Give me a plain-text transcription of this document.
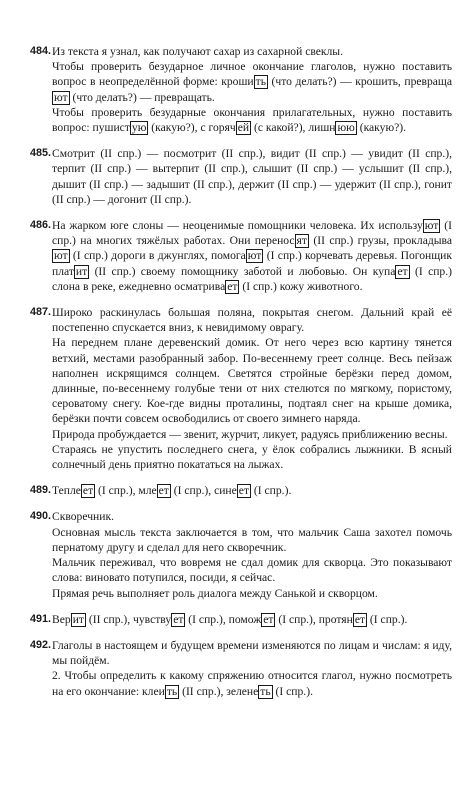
484. Из текста я узнал, как получают сахар из сахарной свеклы.

Чтобы проверить безударное личное окончание глаголов, нужно поставить вопрос в неопределённой форме: кроши ть (что делать?) — крошить, превращают (что делать?) — превращать.

Чтобы проверить безударные окончания прилагательных, нужно поставить вопрос: пушист ую (какую?), с горяч ей (с какой?), лишн юю (какую?).

485. Смотрит (II спр.) — посмотрит (II спр.), видит (II спр.) — увидит (II спр.), терпит (II спр.) — вытерпит (II спр.), слышит (II спр.) — услышит (II спр.), дышит (II спр.) — задышит (II спр.), держит (II спр.) — удержит (II спр.), гонит (II спр.) — догонит (II спр.).

486. На жарком юге слоны — неоценимые помощники человека. Их использу ют (I спр.) на многих тяжёлых работах. Они перенос ят (II спр.) грузы, прокладывают (I спр.) дороги в джунглях, помога ют (I спр.) корчевать деревья. Погонщик плат ит (II спр.) своему помощнику заботой и любовью. Он купа ет (I спр.) слона в реке, ежедневно осматрива ет (I спр.) кожу животного.

487. Широко раскинулась большая поляна, покрытая снегом. Дальний край её постепенно спускается вниз, к невидимому оврагу.

На переднем плане деревенский домик. От него через всю картину тянется ветхий, местами разобранный забор. По-весеннему греет солнце. Весь пейзаж наполнен искрящимся солнцем. Светятся стройные берёзки перед домом, длинные, по-весеннему голубые тени от них стелются по мягкому, пористому, сероватому снегу. Кое-где видны проталины, подтаял снег на крыше домика, берёзки почти совсем освободились от своего зимнего наряда.

Природа пробуждается — звенит, журчит, ликует, радуясь приближению весны.

Стараясь не упустить последнего снега, у ёлок собрались лыжники. В ясный солнечный день приятно покататься на лыжах.

489. Тепле ет (I спр.), мле ет (I спр.), сине ет (I спр.).

490. Скворечник.

Основная мысль текста заключается в том, что мальчик Саша захотел помочь пернатому другу и сделал для него скворечник.

Мальчик переживал, что вовремя не сдал домик для скворца. Это показывают слова: виновато потупился, посиди, я сейчас.

Прямая речь выполняет роль диалога между Санькой и скворцом.

491. Вер ит (II спр.), чувству ет (I спр.), помож ет (I спр.), протян ет (I спр.).

492. Глаголы в настоящем и будущем времени изменяются по лицам и числам: я иду, мы пойдём.

2. Чтобы определить к какому спряжению относится глагол, нужно посмотреть на его окончание: клеи ть (II спр.), зелене ть (I спр.).
